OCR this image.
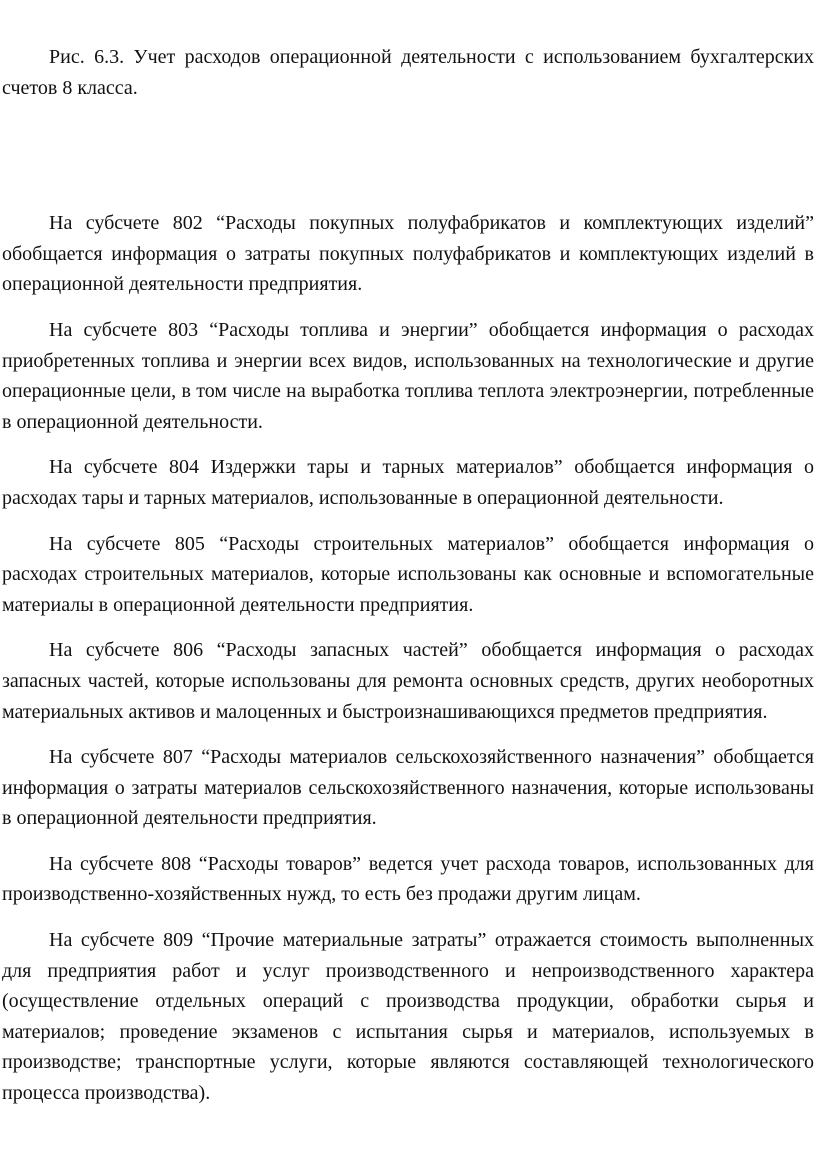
Рис. 6.3. Учет расходов операционной деятельности с использованием бухгалтерских счетов 8 класса.

На субсчете 802 “Расходы покупных полуфабрикатов и комплектующих изделий” обобщается информация о затраты покупных полуфабрикатов и комплектующих изделий в операционной деятельности предприятия.

На субсчете 803 “Расходы топлива и энергии” обобщается информация о расходах приобретенных топлива и энергии всех видов, использованных на технологические и другие операционные цели, в том числе на выработка топлива теплота электроэнергии, потребленные в операционной деятельности.

На субсчете 804 Издержки тары и тарных материалов” обобщается информация о расходах тары и тарных материалов, использованные в операционной деятельности.

На субсчете 805 “Расходы строительных материалов” обобщается информация о расходах строительных материалов, которые использованы как основные и вспомогательные материалы в операционной деятельности предприятия.

На субсчете 806 “Расходы запасных частей” обобщается информация о расходах запасных частей, которые использованы для ремонта основных средств, других необоротных материальных активов и малоценных и быстроизнашивающихся предметов предприятия.

На субсчете 807 “Расходы материалов сельскохозяйственного назначения” обобщается информация о затраты материалов сельскохозяйственного назначения, которые использованы в операционной деятельности предприятия.

На субсчете 808 “Расходы товаров” ведется учет расхода товаров, использованных для производственно-хозяйственных нужд, то есть без продажи другим лицам.

На субсчете 809 “Прочие материальные затраты” отражается стоимость выполненных для предприятия работ и услуг производственного и непроизводственного характера (осуществление отдельных операций с производства продукции, обработки сырья и материалов; проведение экзаменов с испытания сырья и материалов, используемых в производстве; транспортные услуги, которые являются составляющей технологического процесса производства).
